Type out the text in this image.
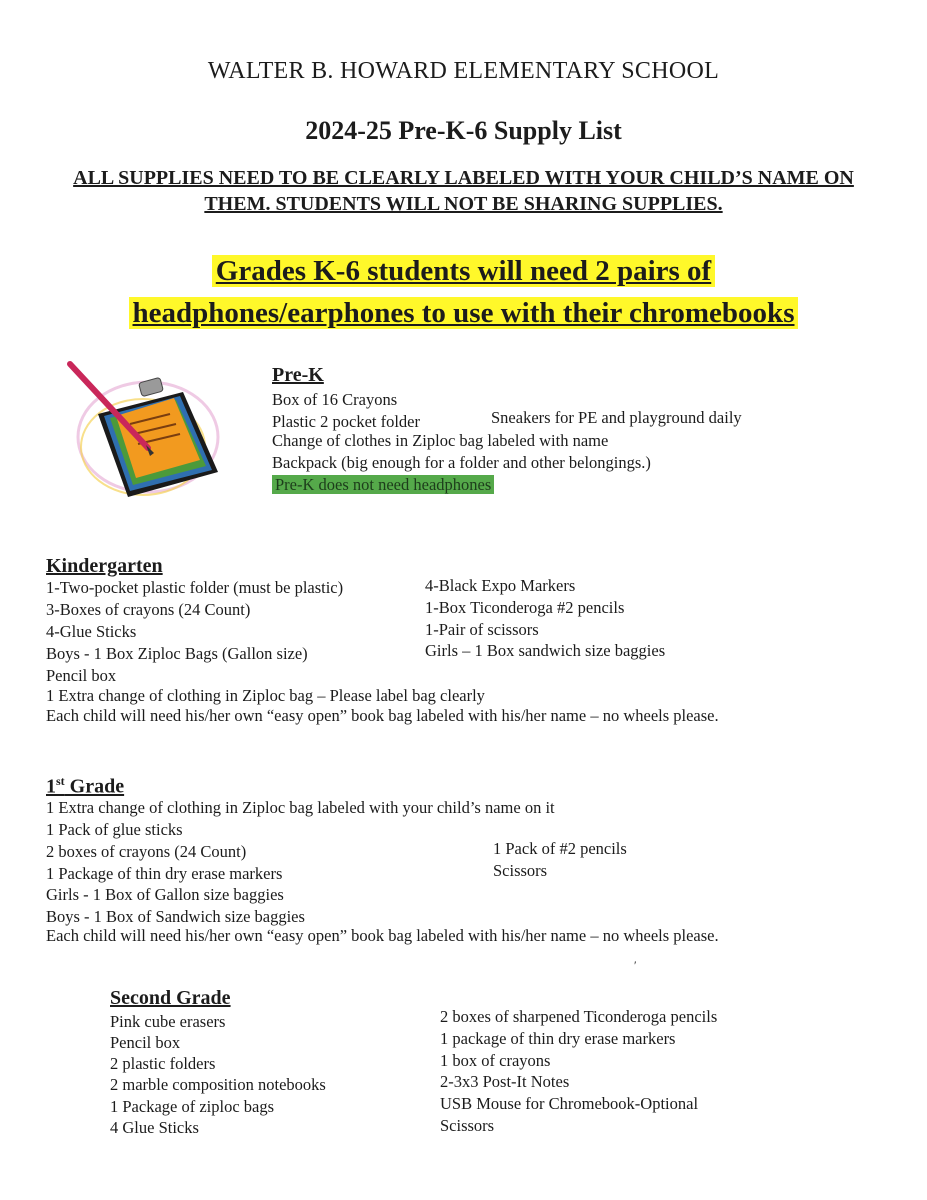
WALTER B. HOWARD ELEMENTARY SCHOOL
2024-25 Pre-K-6 Supply List
ALL SUPPLIES NEED TO BE CLEARLY LABELED WITH YOUR CHILD’S NAME ON
THEM. STUDENTS WILL NOT BE SHARING SUPPLIES.
Grades K-6 students will need 2 pairs of
headphones/earphones to use with their chromebooks
Pre-K
Box of 16 Crayons
Plastic 2 pocket folder	Sneakers for PE and playground daily
Change of clothes in Ziploc bag labeled with name
Backpack (big enough for a folder and other belongings.)
Pre-K does not need headphones
Kindergarten
1-Two-pocket plastic folder (must be plastic)
3-Boxes of crayons (24 Count)
4-Glue Sticks
Boys - 1 Box Ziploc Bags (Gallon size)
Pencil box
1 Extra change of clothing in Ziploc bag – Please label bag clearly
Each child will need his/her own “easy open” book bag labeled with his/her name – no wheels please.
4-Black Expo Markers
1-Box Ticonderoga #2 pencils
1-Pair of scissors
Girls – 1 Box sandwich size baggies
1st Grade
1 Extra change of clothing in Ziploc bag labeled with your child’s name on it
1 Pack of glue sticks
2 boxes of crayons (24 Count)
1 Package of thin dry erase markers
Girls - 1 Box of Gallon size baggies
Boys - 1 Box of Sandwich size baggies
Each child will need his/her own “easy open” book bag labeled with his/her name – no wheels please.
1 Pack of #2 pencils
Scissors
′
Second Grade
Pink cube erasers
Pencil box
2 plastic folders
2 marble composition notebooks
1 Package of ziploc bags
4 Glue Sticks
2 boxes of sharpened Ticonderoga pencils
1 package of thin dry erase markers
1 box of crayons
2-3x3 Post-It Notes
USB Mouse for Chromebook-Optional
Scissors
